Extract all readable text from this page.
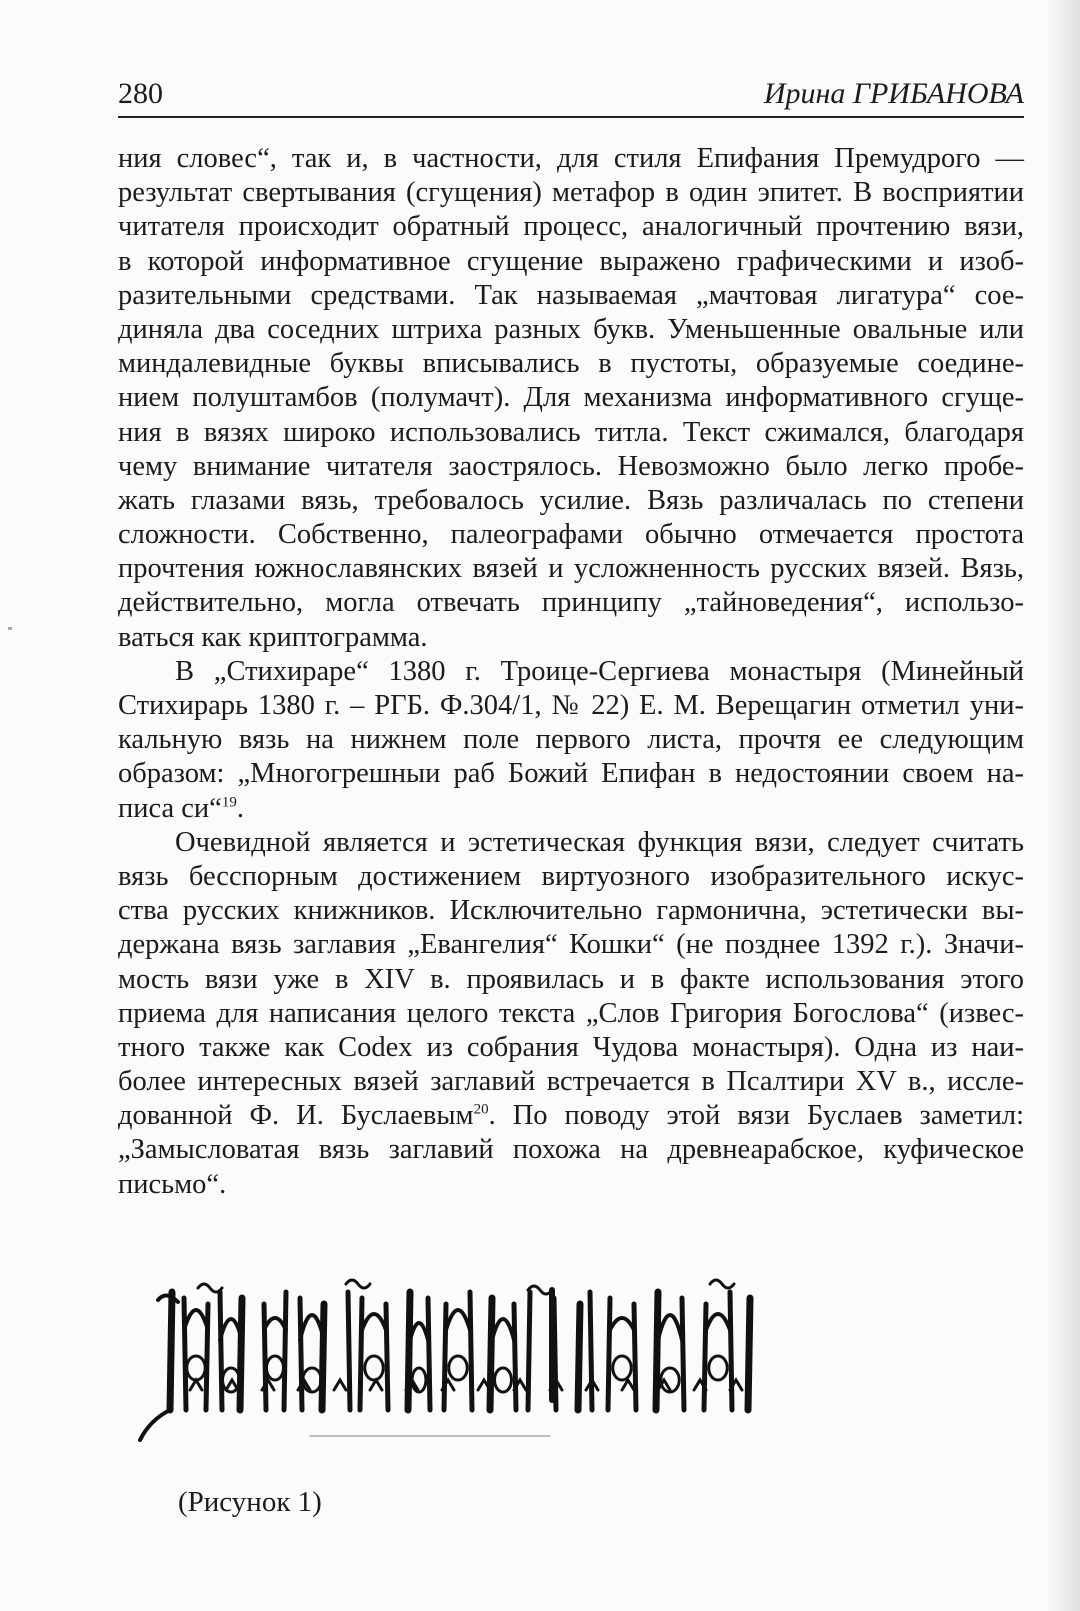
280	Ирина ГРИБАНОВА
ния словес“, так и, в частности, для стиля Епифания Премудрого —
результат свертывания (сгущения) метафор в один эпитет. В восприятии
читателя происходит обратный процесс, аналогичный прочтению вязи,
в которой информативное сгущение выражено графическими и изоб-
разительными средствами. Так называемая „мачтовая лигатура“ сое-
диняла два соседних штриха разных букв. Уменьшенные овальные или
миндалевидные буквы вписывались в пустоты, образуемые соедине-
нием полуштамбов (полумачт). Для механизма информативного сгуще-
ния в вязях широко использовались титла. Текст сжимался, благодаря
чему внимание читателя заострялось. Невозможно было легко пробе-
жать глазами вязь, требовалось усилие. Вязь различалась по степени
сложности. Собственно, палеографами обычно отмечается простота
прочтения южнославянских вязей и усложненность русских вязей. Вязь,
действительно, могла отвечать принципу „тайноведения“, использо-
ваться как криптограмма.
В „Стихираре“ 1380 г. Троице-Сергиева монастыря (Минейный
Стихирарь 1380 г. – РГБ. Ф.304/1, № 22) Е. М. Верещагин отметил уни-
кальную вязь на нижнем поле первого листа, прочтя ее следующим
образом: „Многогрешныи раб Божий Епифан в недостоянии своем на-
писа си“$^{19}$.
Очевидной является и эстетическая функция вязи, следует считать
вязь бесспорным достижением виртуозного изобразительного искус-
ства русских книжников. Исключительно гармонична, эстетически вы-
держана вязь заглавия „Евангелия“ Кошки“ (не позднее 1392 г.). Значи-
мость вязи уже в XIV в. проявилась и в факте использования этого
приема для написания целого текста „Слов Григория Богослова“ (извес-
тного также как Codex из собрания Чудова монастыря). Одна из наи-
более интересных вязей заглавий встречается в Псалтири XV в., иссле-
дованной Ф. И. Буслаевым$^{20}$. По поводу этой вязи Буслаев заметил:
„Замысловатая вязь заглавий похожа на древнеарабское, куфическое
письмо“.
(Рисунок 1)
